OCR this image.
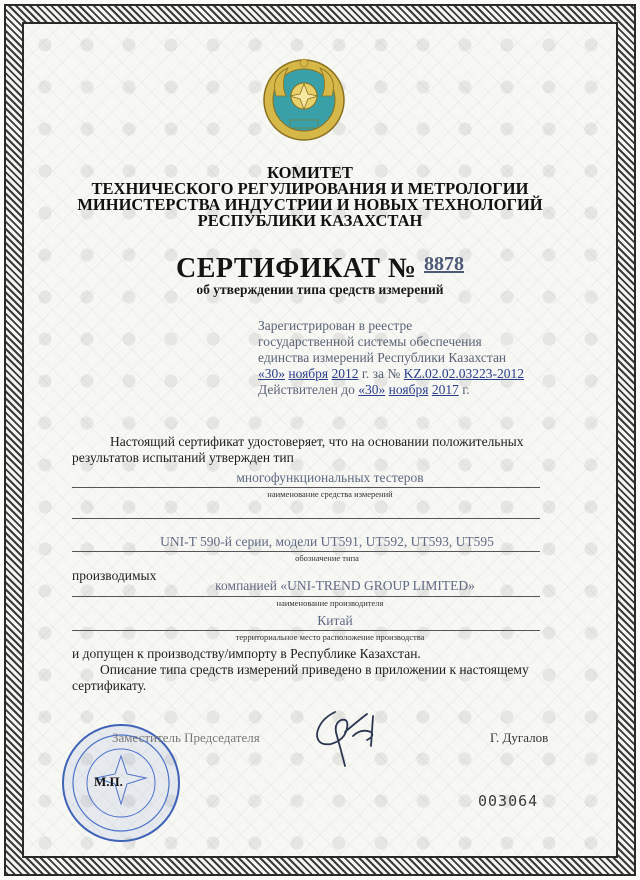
КОМИТЕТ
ТЕХНИЧЕСКОГО РЕГУЛИРОВАНИЯ И МЕТРОЛОГИИ
МИНИСТЕРСТВА ИНДУСТРИИ И НОВЫХ ТЕХНОЛОГИЙ
РЕСПУБЛИКИ КАЗАХСТАН
СЕРТИФИКАТ № $^{8878}$
об утверждении типа средств измерений
Зарегистрирован в реестре
государственной системы обеспечения
единства измерений Республики Казахстан
«30» ноября 2012 г. за № KZ.02.02.03223-2012
Действителен до «30» ноября 2017 г.
Настоящий сертификат удостоверяет, что на основании положительных
результатов испытаний утвержден тип
многофункциональных тестеров
наименование средства измерений
UNI-T 590-й серии, модели UT591, UT592, UT593, UT595
обозначение типа
производимых
компанией «UNI-TREND GROUP LIMITED»
наименование производителя
Китай
территориальное место расположение производства
и допущен к производству/импорту в Республике Казахстан.
Описание типа средств измерений приведено в приложении к настоящему
сертификату.
Заместитель Председателя
М.П.
Г. Дугалов
003064
